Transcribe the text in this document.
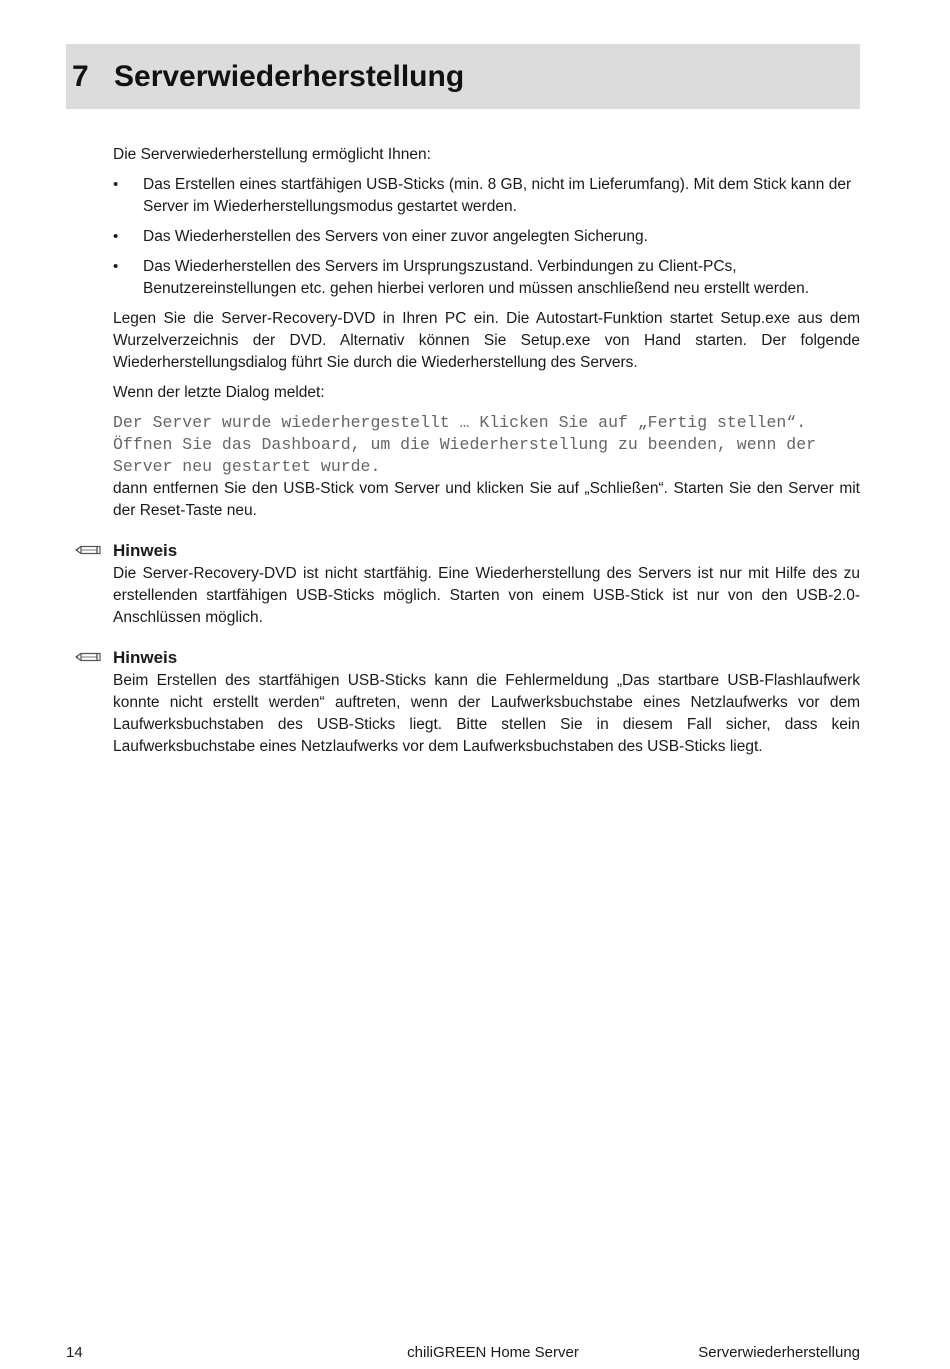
7 Serverwiederherstellung

Die Serverwiederherstellung ermöglicht Ihnen:

•	Das Erstellen eines startfähigen USB-Sticks (min. 8 GB, nicht im Lieferumfang). Mit dem Stick kann der Server im Wiederherstellungsmodus gestartet werden.
•	Das Wiederherstellen des Servers von einer zuvor angelegten Sicherung.
•	Das Wiederherstellen des Servers im Ursprungszustand. Verbindungen zu Client-PCs, Benutzereinstellungen etc. gehen hierbei verloren und müssen anschließend neu erstellt werden.

Legen Sie die Server-Recovery-DVD in Ihren PC ein. Die Autostart-Funktion startet Setup.exe aus dem Wurzelverzeichnis der DVD. Alternativ können Sie Setup.exe von Hand starten. Der folgende Wiederherstellungsdialog führt Sie durch die Wiederherstellung des Servers.

Wenn der letzte Dialog meldet:

Der Server wurde wiederhergestellt … Klicken Sie auf „Fertig stellen“. Öffnen Sie das Dashboard, um die Wiederherstellung zu beenden, wenn der Server neu gestartet wurde.

dann entfernen Sie den USB-Stick vom Server und klicken Sie auf „Schließen“. Starten Sie den Server mit der Reset-Taste neu.

Hinweis

Die Server-Recovery-DVD ist nicht startfähig. Eine Wiederherstellung des Servers ist nur mit Hilfe des zu erstellenden startfähigen USB-Sticks möglich. Starten von einem USB-Stick ist nur von den USB-2.0-Anschlüssen möglich.

Hinweis

Beim Erstellen des startfähigen USB-Sticks kann die Fehlermeldung „Das startbare USB-Flashlaufwerk konnte nicht erstellt werden“ auftreten, wenn der Laufwerksbuchstabe eines Netzlaufwerks vor dem Laufwerksbuchstaben des USB-Sticks liegt. Bitte stellen Sie in diesem Fall sicher, dass kein Laufwerksbuchstabe eines Netzlaufwerks vor dem Laufwerksbuchstaben des USB-Sticks liegt.

14	chiliGREEN Home Server	Serverwiederherstellung
